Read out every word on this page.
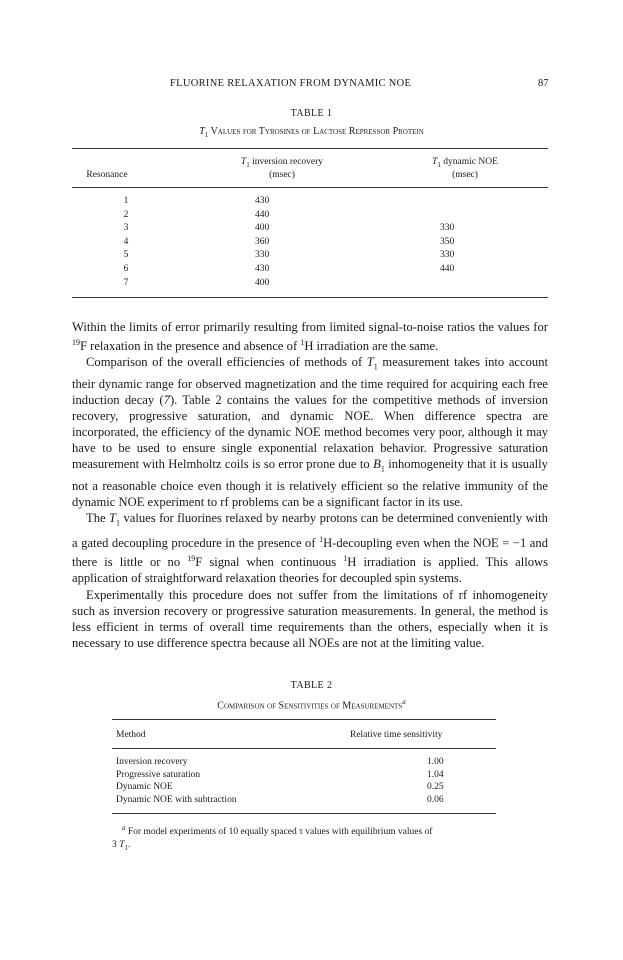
FLUORINE RELAXATION FROM DYNAMIC NOE	87
TABLE 1
$T_1$ Values for Tyrosines of Lactose Repressor Protein
Resonance
$T_1$ inversion recovery
(msec)
$T_1$ dynamic NOE
(msec)
1	430
2	440
3	400	330
4	360	350
5	330	330
6	430	440
7	400

Within the limits of error primarily resulting from limited signal-to-noise ratios the values for $^{19}$F relaxation in the presence and absence of $^1$H irradiation are the same.

Comparison of the overall efficiencies of methods of $T_1$ measurement takes into account their dynamic range for observed magnetization and the time required for acquiring each free induction decay (7). Table 2 contains the values for the competitive methods of inversion recovery, progressive saturation, and dynamic NOE. When difference spectra are incorporated, the efficiency of the dynamic NOE method becomes very poor, although it may have to be used to ensure single exponential relaxation behavior. Progressive saturation measurement with Helmholtz coils is so error prone due to $B_1$ inhomogeneity that it is usually not a reasonable choice even though it is relatively efficient so the relative immunity of the dynamic NOE experiment to rf problems can be a significant factor in its use.

The $T_1$ values for fluorines relaxed by nearby protons can be determined conveniently with a gated decoupling procedure in the presence of $^1$H-decoupling even when the NOE = −1 and there is little or no $^{19}$F signal when continuous $^1$H irradiation is applied. This allows application of straightforward relaxation theories for decoupled spin systems.

Experimentally this procedure does not suffer from the limitations of rf inhomogeneity such as inversion recovery or progressive saturation measurements. In general, the method is less efficient in terms of overall time requirements than the others, especially when it is necessary to use difference spectra because all NOEs are not at the limiting value.

TABLE 2
Comparison of Sensitivities of Measurements$^a$
Method	Relative time sensitivity
Inversion recovery	1.00
Progressive saturation	1.04
Dynamic NOE	0.25
Dynamic NOE with subtraction	0.06
$^a$ For model experiments of 10 equally spaced τ values with equilibrium values of
3 $T_1$.
